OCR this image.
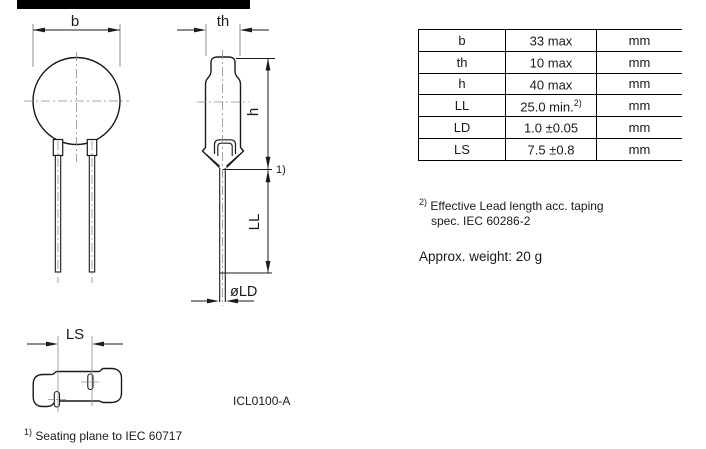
b	th
h
1)
LL
øLD
LS
b	33 max	mm
th	10 max	mm
h	40 max	mm
LL	25.0 min.$^{2)}$	mm
LD	1.0 ±0.05	mm
LS	7.5 ±0.8	mm
$^{2)}$ Effective Lead length acc. taping
spec. IEC 60286-2
Approx. weight: 20 g
ICL0100-A
$^{1)}$ Seating plane to IEC 60717
